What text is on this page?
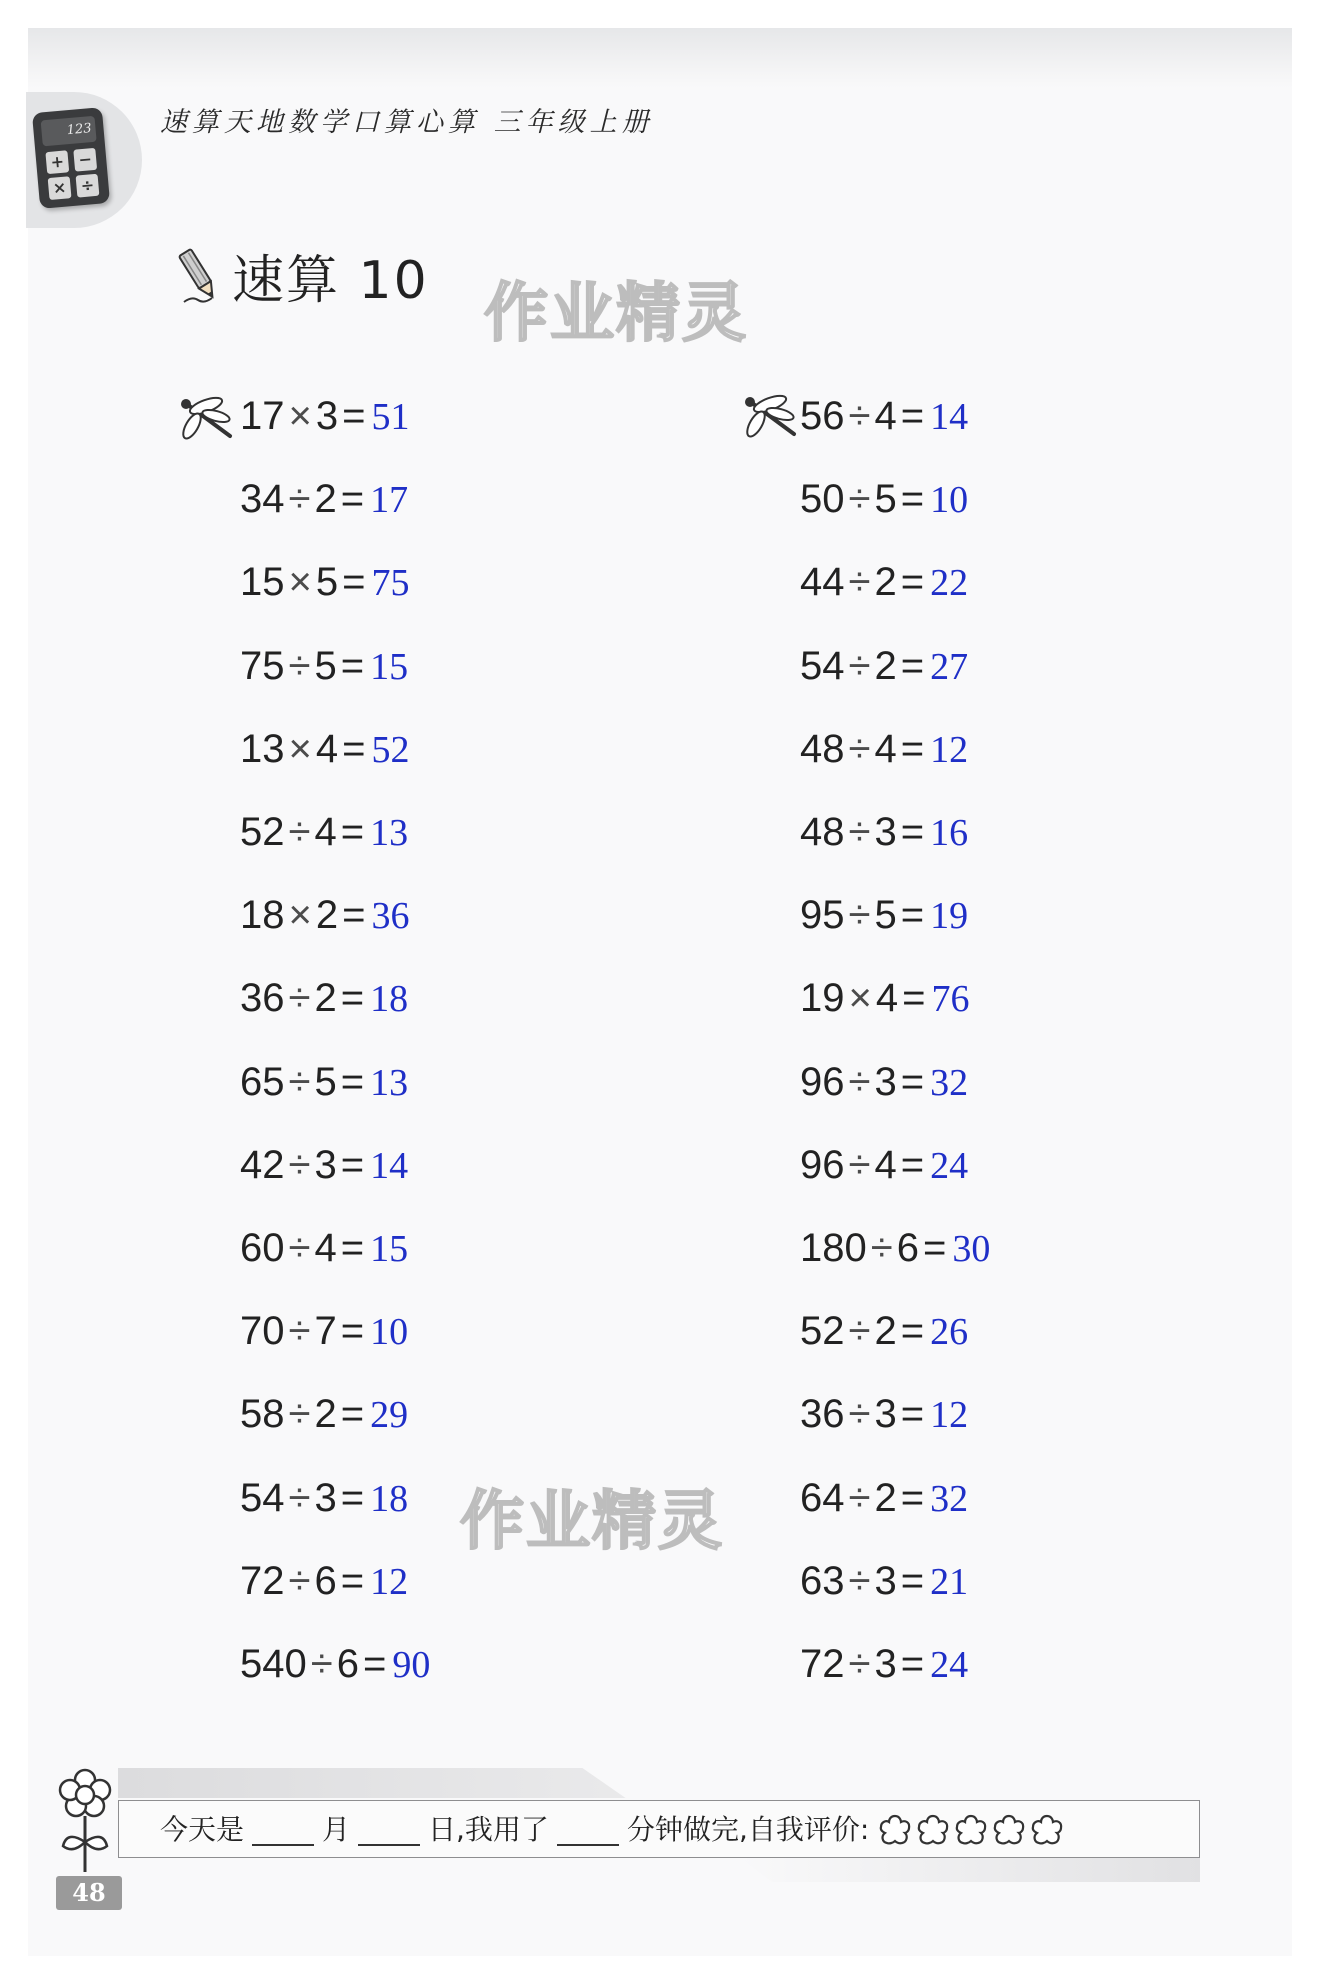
123
+ −
× ÷
速算天地数学口算心算 三年级上册
速算 10 作业精灵
作业精灵
17 × 3 = 51
34 ÷ 2 = 17
15 × 5 = 75
75 ÷ 5 = 15
13 × 4 = 52
52 ÷ 4 = 13
18 × 2 = 36
36 ÷ 2 = 18
65 ÷ 5 = 13
42 ÷ 3 = 14
60 ÷ 4 = 15
70 ÷ 7 = 10
58 ÷ 2 = 29
54 ÷ 3 = 18
72 ÷ 6 = 12
540 ÷ 6 = 90
56 ÷ 4 = 14
50 ÷ 5 = 10
44 ÷ 2 = 22
54 ÷ 2 = 27
48 ÷ 4 = 12
48 ÷ 3 = 16
95 ÷ 5 = 19
19 × 4 = 76
96 ÷ 3 = 32
96 ÷ 4 = 24
180 ÷ 6 = 30
52 ÷ 2 = 26
36 ÷ 3 = 12
64 ÷ 2 = 32
63 ÷ 3 = 21
72 ÷ 3 = 24
今天是	月	日,我用了	分钟做完,自我评价:
48
